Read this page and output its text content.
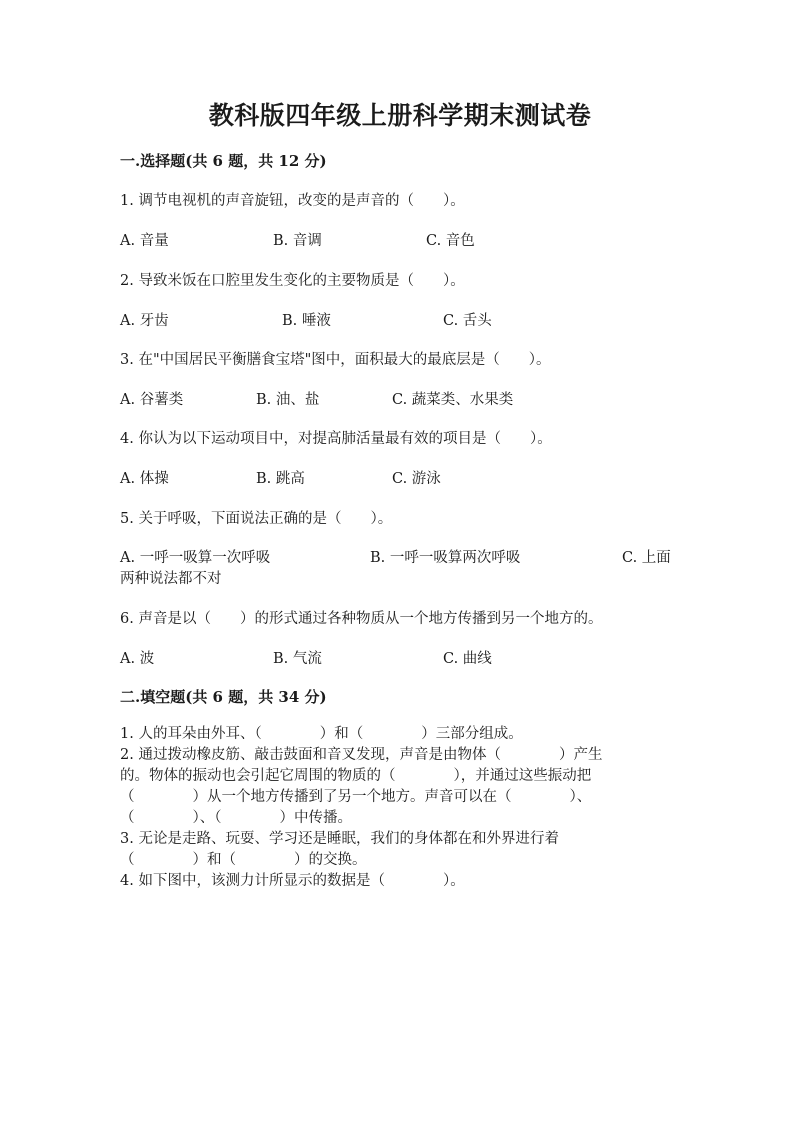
教科版四年级上册科学期末测试卷
一.选择题(共 6 题，共 12 分)
1. 调节电视机的声音旋钮，改变的是声音的（　　）。
A. 音量	B. 音调	C. 音色
2. 导致米饭在口腔里发生变化的主要物质是（　　）。
A. 牙齿	B. 唾液	C. 舌头
3. 在"中国居民平衡膳食宝塔"图中，面积最大的最底层是（　　）。
A. 谷薯类	B. 油、盐	C. 蔬菜类、水果类
4. 你认为以下运动项目中，对提高肺活量最有效的项目是（　　）。
A. 体操	B. 跳高	C. 游泳
5. 关于呼吸，下面说法正确的是（　　）。
A. 一呼一吸算一次呼吸	B. 一呼一吸算两次呼吸	C. 上面
两种说法都不对
6. 声音是以（　　）的形式通过各种物质从一个地方传播到另一个地方的。
A. 波	B. 气流	C. 曲线
二.填空题(共 6 题，共 34 分)
1. 人的耳朵由外耳、（　　　　）和（　　　　）三部分组成。
2. 通过拨动橡皮筋、敲击鼓面和音叉发现，声音是由物体（　　　　）产生
的。物体的振动也会引起它周围的物质的（　　　　），并通过这些振动把
（　　　　）从一个地方传播到了另一个地方。声音可以在（　　　　）、
（　　　　）、（　　　　）中传播。
3. 无论是走路、玩耍、学习还是睡眠，我们的身体都在和外界进行着
（　　　　）和（　　　　）的交换。
4. 如下图中，该测力计所显示的数据是（　　　　）。
